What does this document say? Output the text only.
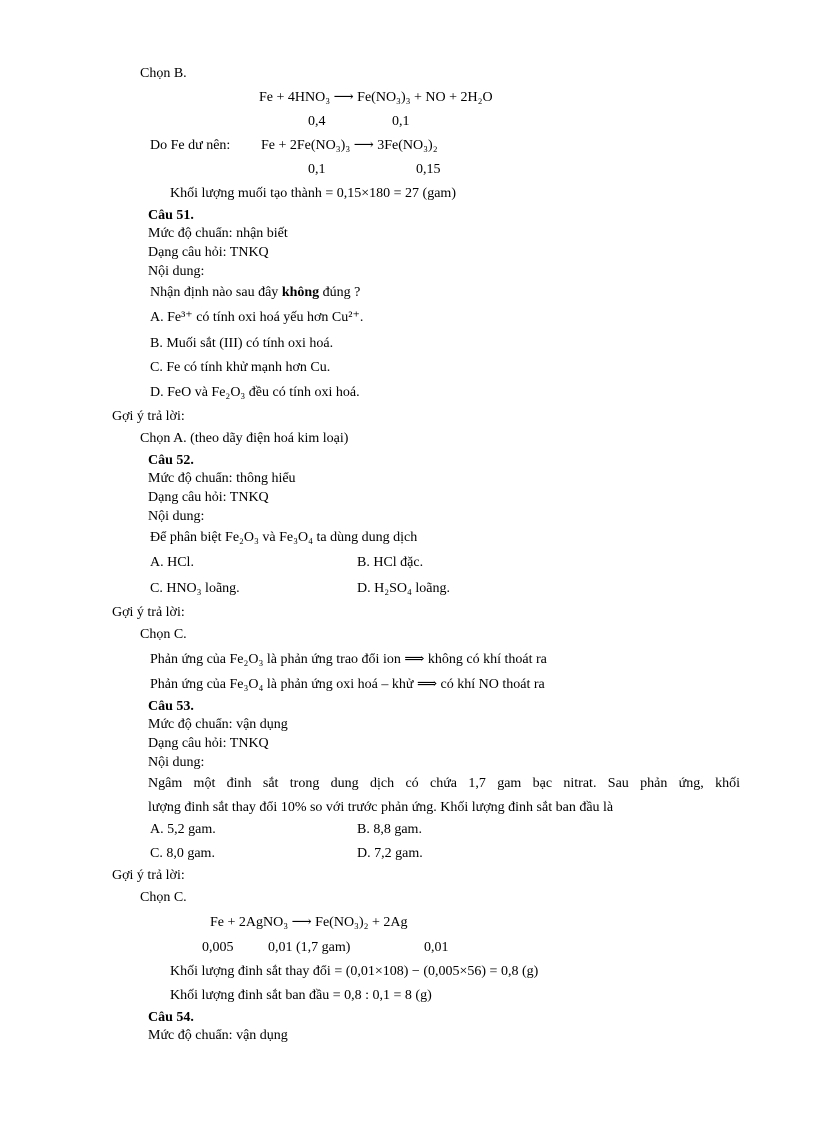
Chọn B.
Fe + 4HNO₃ ⟶ Fe(NO₃)₃ + NO + 2H₂O
0,4	0,1
Do Fe dư nên: Fe + 2Fe(NO₃)₃ ⟶ 3Fe(NO₃)₂
0,1	0,15
Khối lượng muối tạo thành = 0,15×180 = 27 (gam)
Câu 51.
Mức độ chuẩn: nhận biết
Dạng câu hỏi: TNKQ
Nội dung:
Nhận định nào sau đây không đúng ?
A. Fe³⁺ có tính oxi hoá yếu hơn Cu²⁺.
B. Muối sắt (III) có tính oxi hoá.
C. Fe có tính khử mạnh hơn Cu.
D. FeO và Fe₂O₃ đều có tính oxi hoá.
Gợi ý trả lời:
Chọn A. (theo dãy điện hoá kim loại)
Câu 52.
Mức độ chuẩn: thông hiểu
Dạng câu hỏi: TNKQ
Nội dung:
Để phân biệt Fe₂O₃ và Fe₃O₄ ta dùng dung dịch
A. HCl.	B. HCl đặc.
C. HNO₃ loãng.	D. H₂SO₄ loãng.
Gợi ý trả lời:
Chọn C.
Phản ứng của Fe₂O₃ là phản ứng trao đổi ion ⟹ không có khí thoát ra
Phản ứng của Fe₃O₄ là phản ứng oxi hoá – khử ⟹ có khí NO thoát ra
Câu 53.
Mức độ chuẩn: vận dụng
Dạng câu hỏi: TNKQ
Nội dung:
Ngâm một đinh sắt trong dung dịch có chứa 1,7 gam bạc nitrat. Sau phản ứng, khối
lượng đinh sắt thay đổi 10% so với trước phản ứng. Khối lượng đinh sắt ban đầu là
A. 5,2 gam.	B. 8,8 gam.
C. 8,0 gam.	D. 7,2 gam.
Gợi ý trả lời:
Chọn C.
Fe + 2AgNO₃ ⟶ Fe(NO₃)₂ + 2Ag
0,005 0,01 (1,7 gam)	0,01
Khối lượng đinh sắt thay đổi = (0,01×108) − (0,005×56) = 0,8 (g)
Khối lượng đinh sắt ban đầu = 0,8 : 0,1 = 8 (g)
Câu 54.
Mức độ chuẩn: vận dụng
